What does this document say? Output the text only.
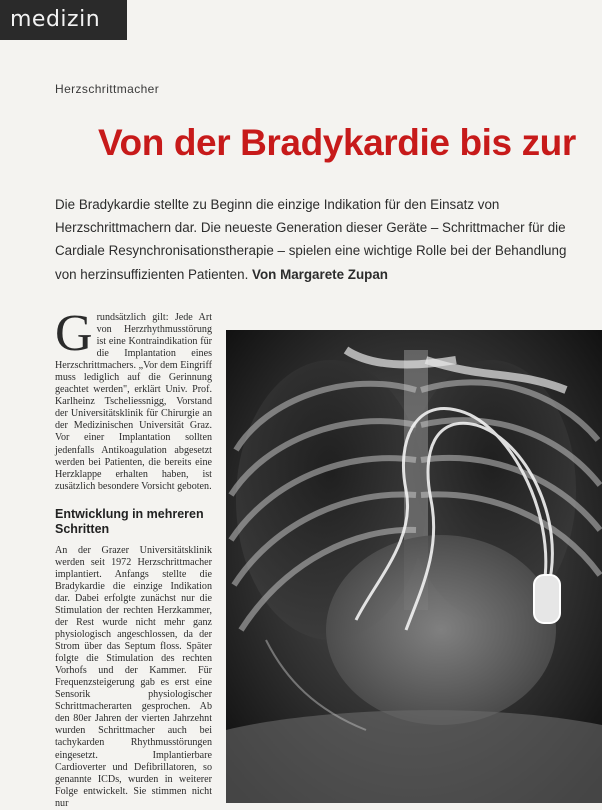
medizin
Herzschrittmacher
Von der Bradykardie bis zur
Die Bradykardie stellte zu Beginn die einzige Indikation für den Einsatz von Herzschrittmachern dar. Die neueste Generation dieser Geräte – Schrittmacher für die Cardiale Resynchronisationstherapie – spielen eine wichtige Rolle bei der Behandlung von herzinsuffizienten Patienten. Von Margarete Zupan

Grundsätzlich gilt: Jede Art von Herzrhythmusstörung ist eine Kontraindikation für die Implantation eines Herzschrittmachers. „Vor dem Eingriff muss lediglich auf die Gerinnung geachtet werden", erklärt Univ. Prof. Karlheinz Tscheliessnigg, Vorstand der Universitätsklinik für Chirurgie an der Medizinischen Universität Graz. Vor einer Implantation sollten jedenfalls Antikoagulation abgesetzt werden bei Patienten, die bereits eine Herzklappe erhalten haben, ist zusätzlich besondere Vorsicht geboten.

Entwicklung in mehreren Schritten

An der Grazer Universitätsklinik werden seit 1972 Herzschrittmacher implantiert. Anfangs stellte die Bradykardie die einzige Indikation dar. Dabei erfolgte zunächst nur die Stimulation der rechten Herzkammer, der Rest wurde nicht mehr ganz physiologisch angeschlossen, da der Strom über das Septum floss. Später folgte die Stimulation des rechten Vorhofs und der Kammer. Für Frequenzsteigerung gab es erst eine Sensorik physiologischer Schrittmacherarten gesprochen. Ab den 80er Jahren der vierten Jahrzehnt wurden Schrittmacher auch bei tachykarden Rhythmusstörungen eingesetzt. Implantierbare Cardioverter und Defibrillatoren, so genannte ICDs, wurden in weiterer Folge entwickelt. Sie stimmen nicht nur
